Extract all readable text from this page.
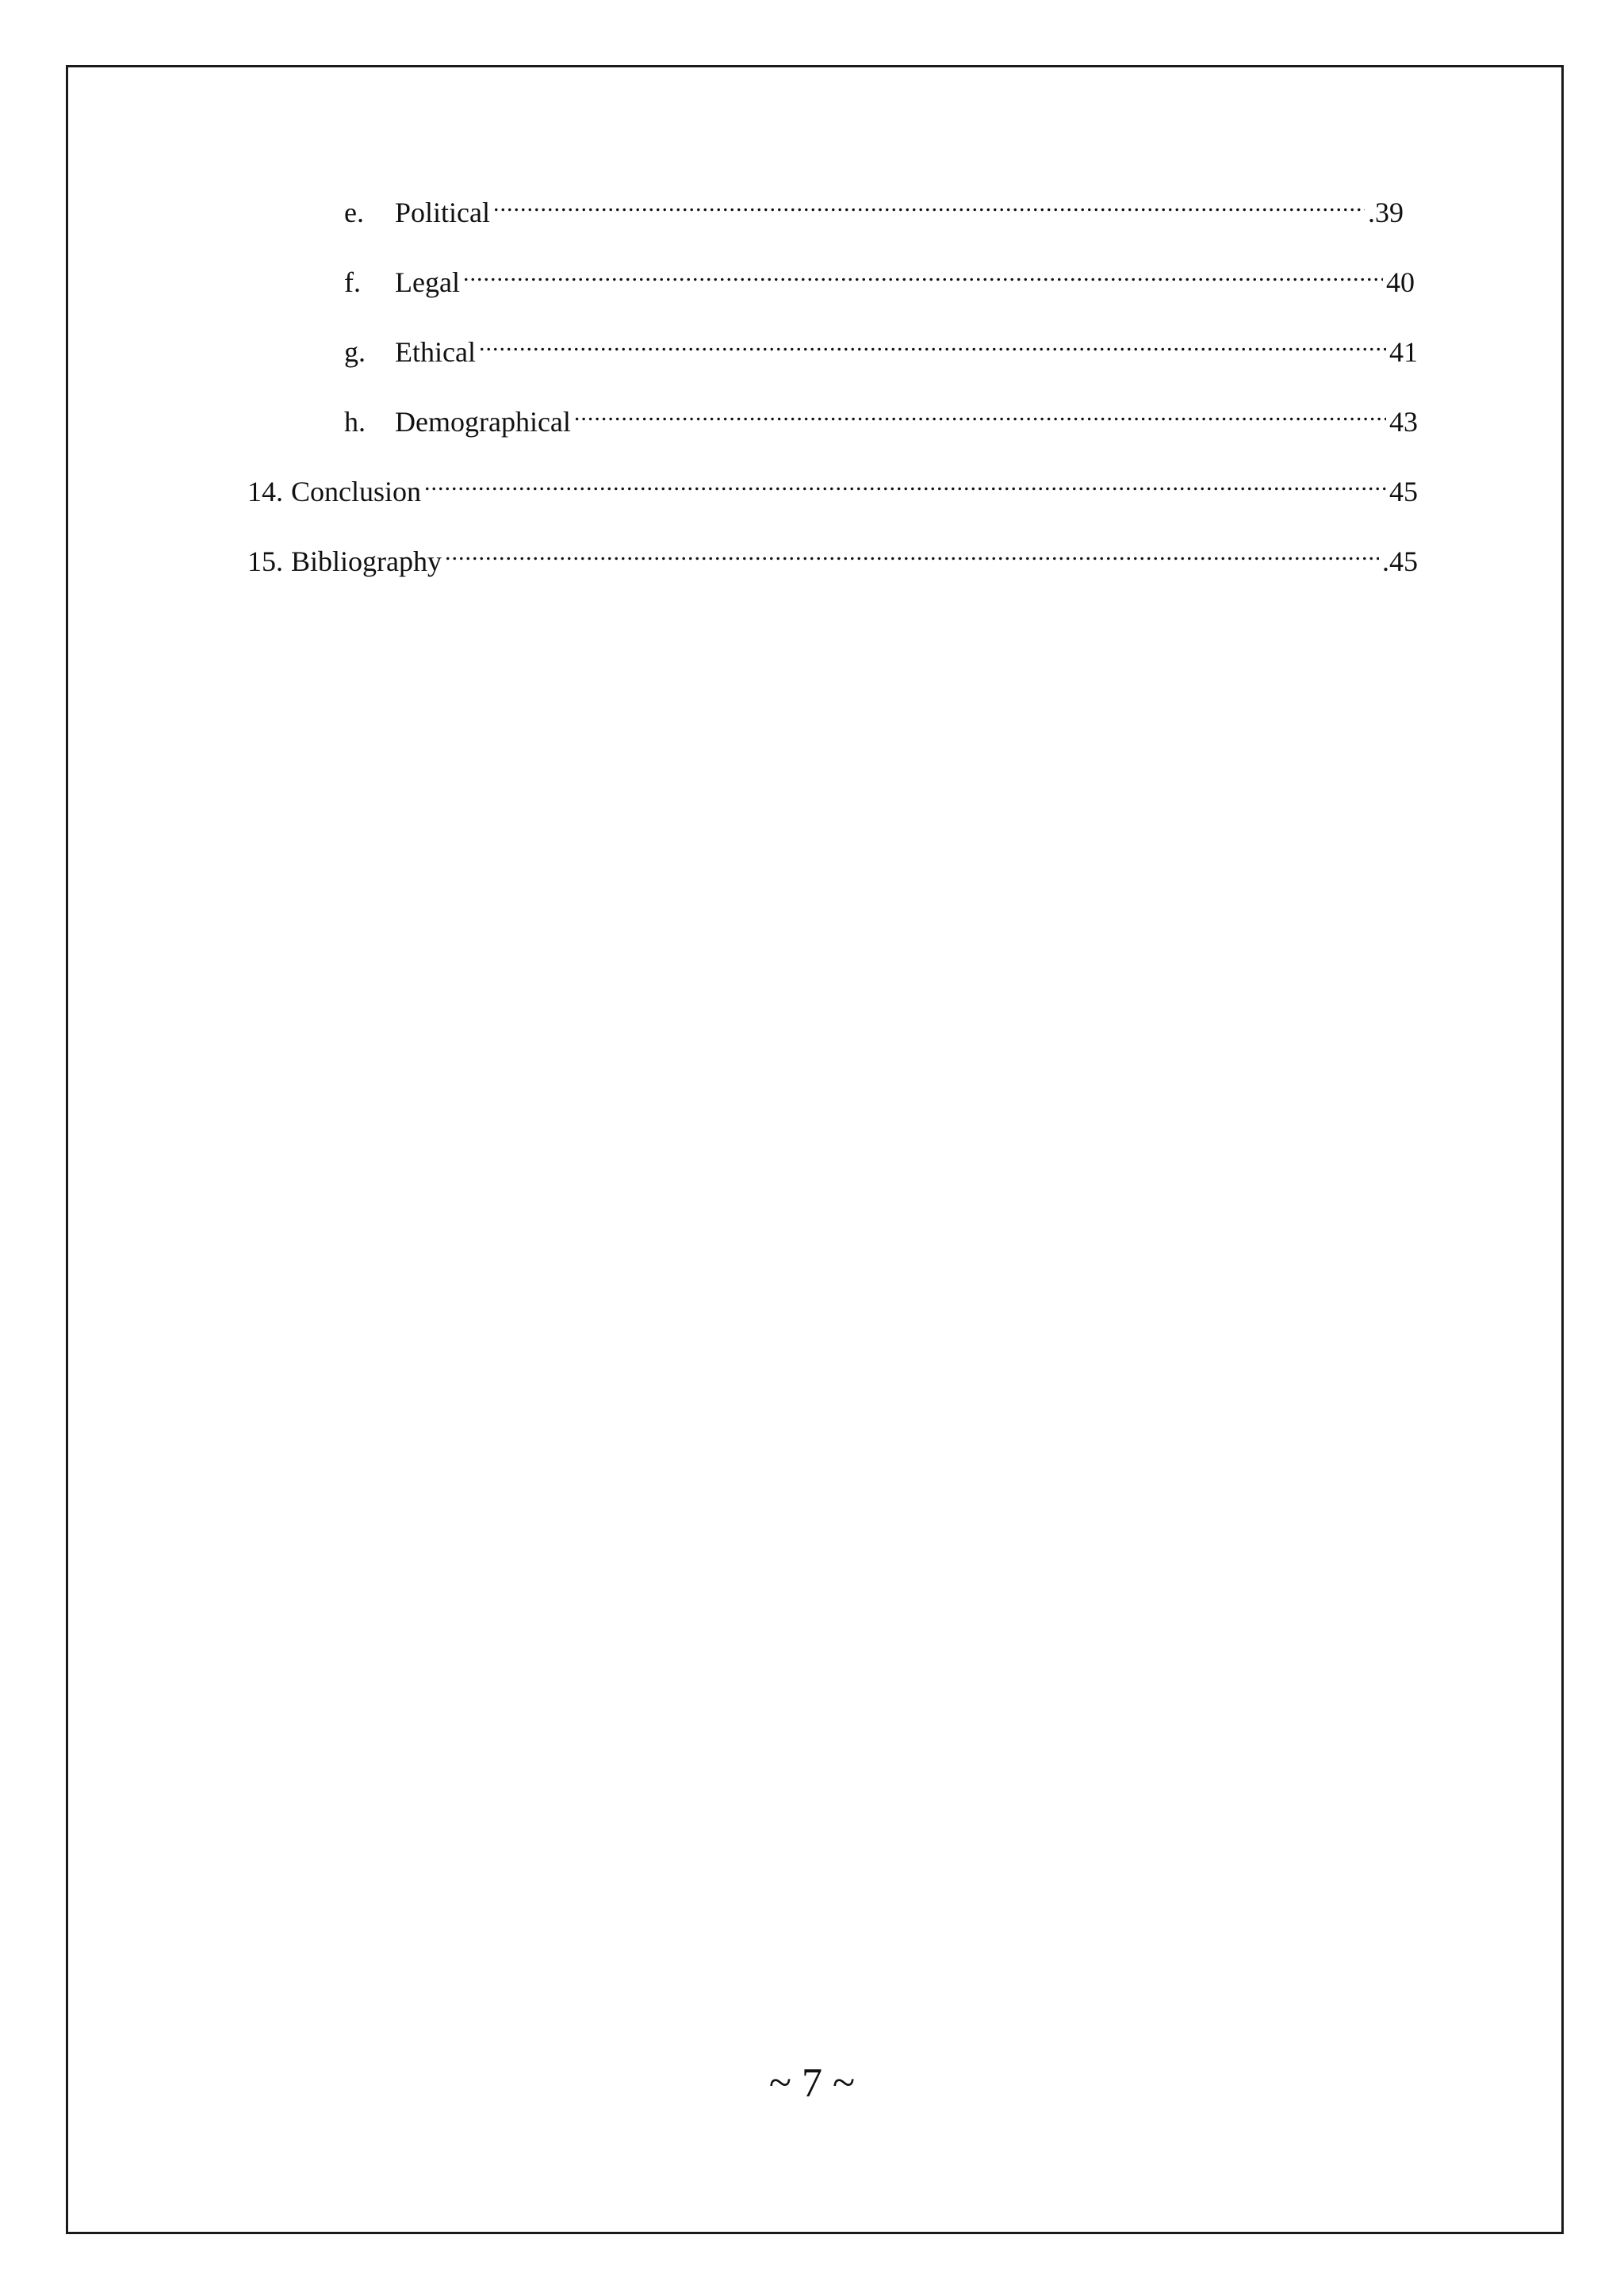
e.	Political .....	.39
f.	Legal .....	40
g.	Ethical .....	41
h.	Demographical .....	43
14. Conclusion .....	45
15. Bibliography .....	.45
~ 7 ~
